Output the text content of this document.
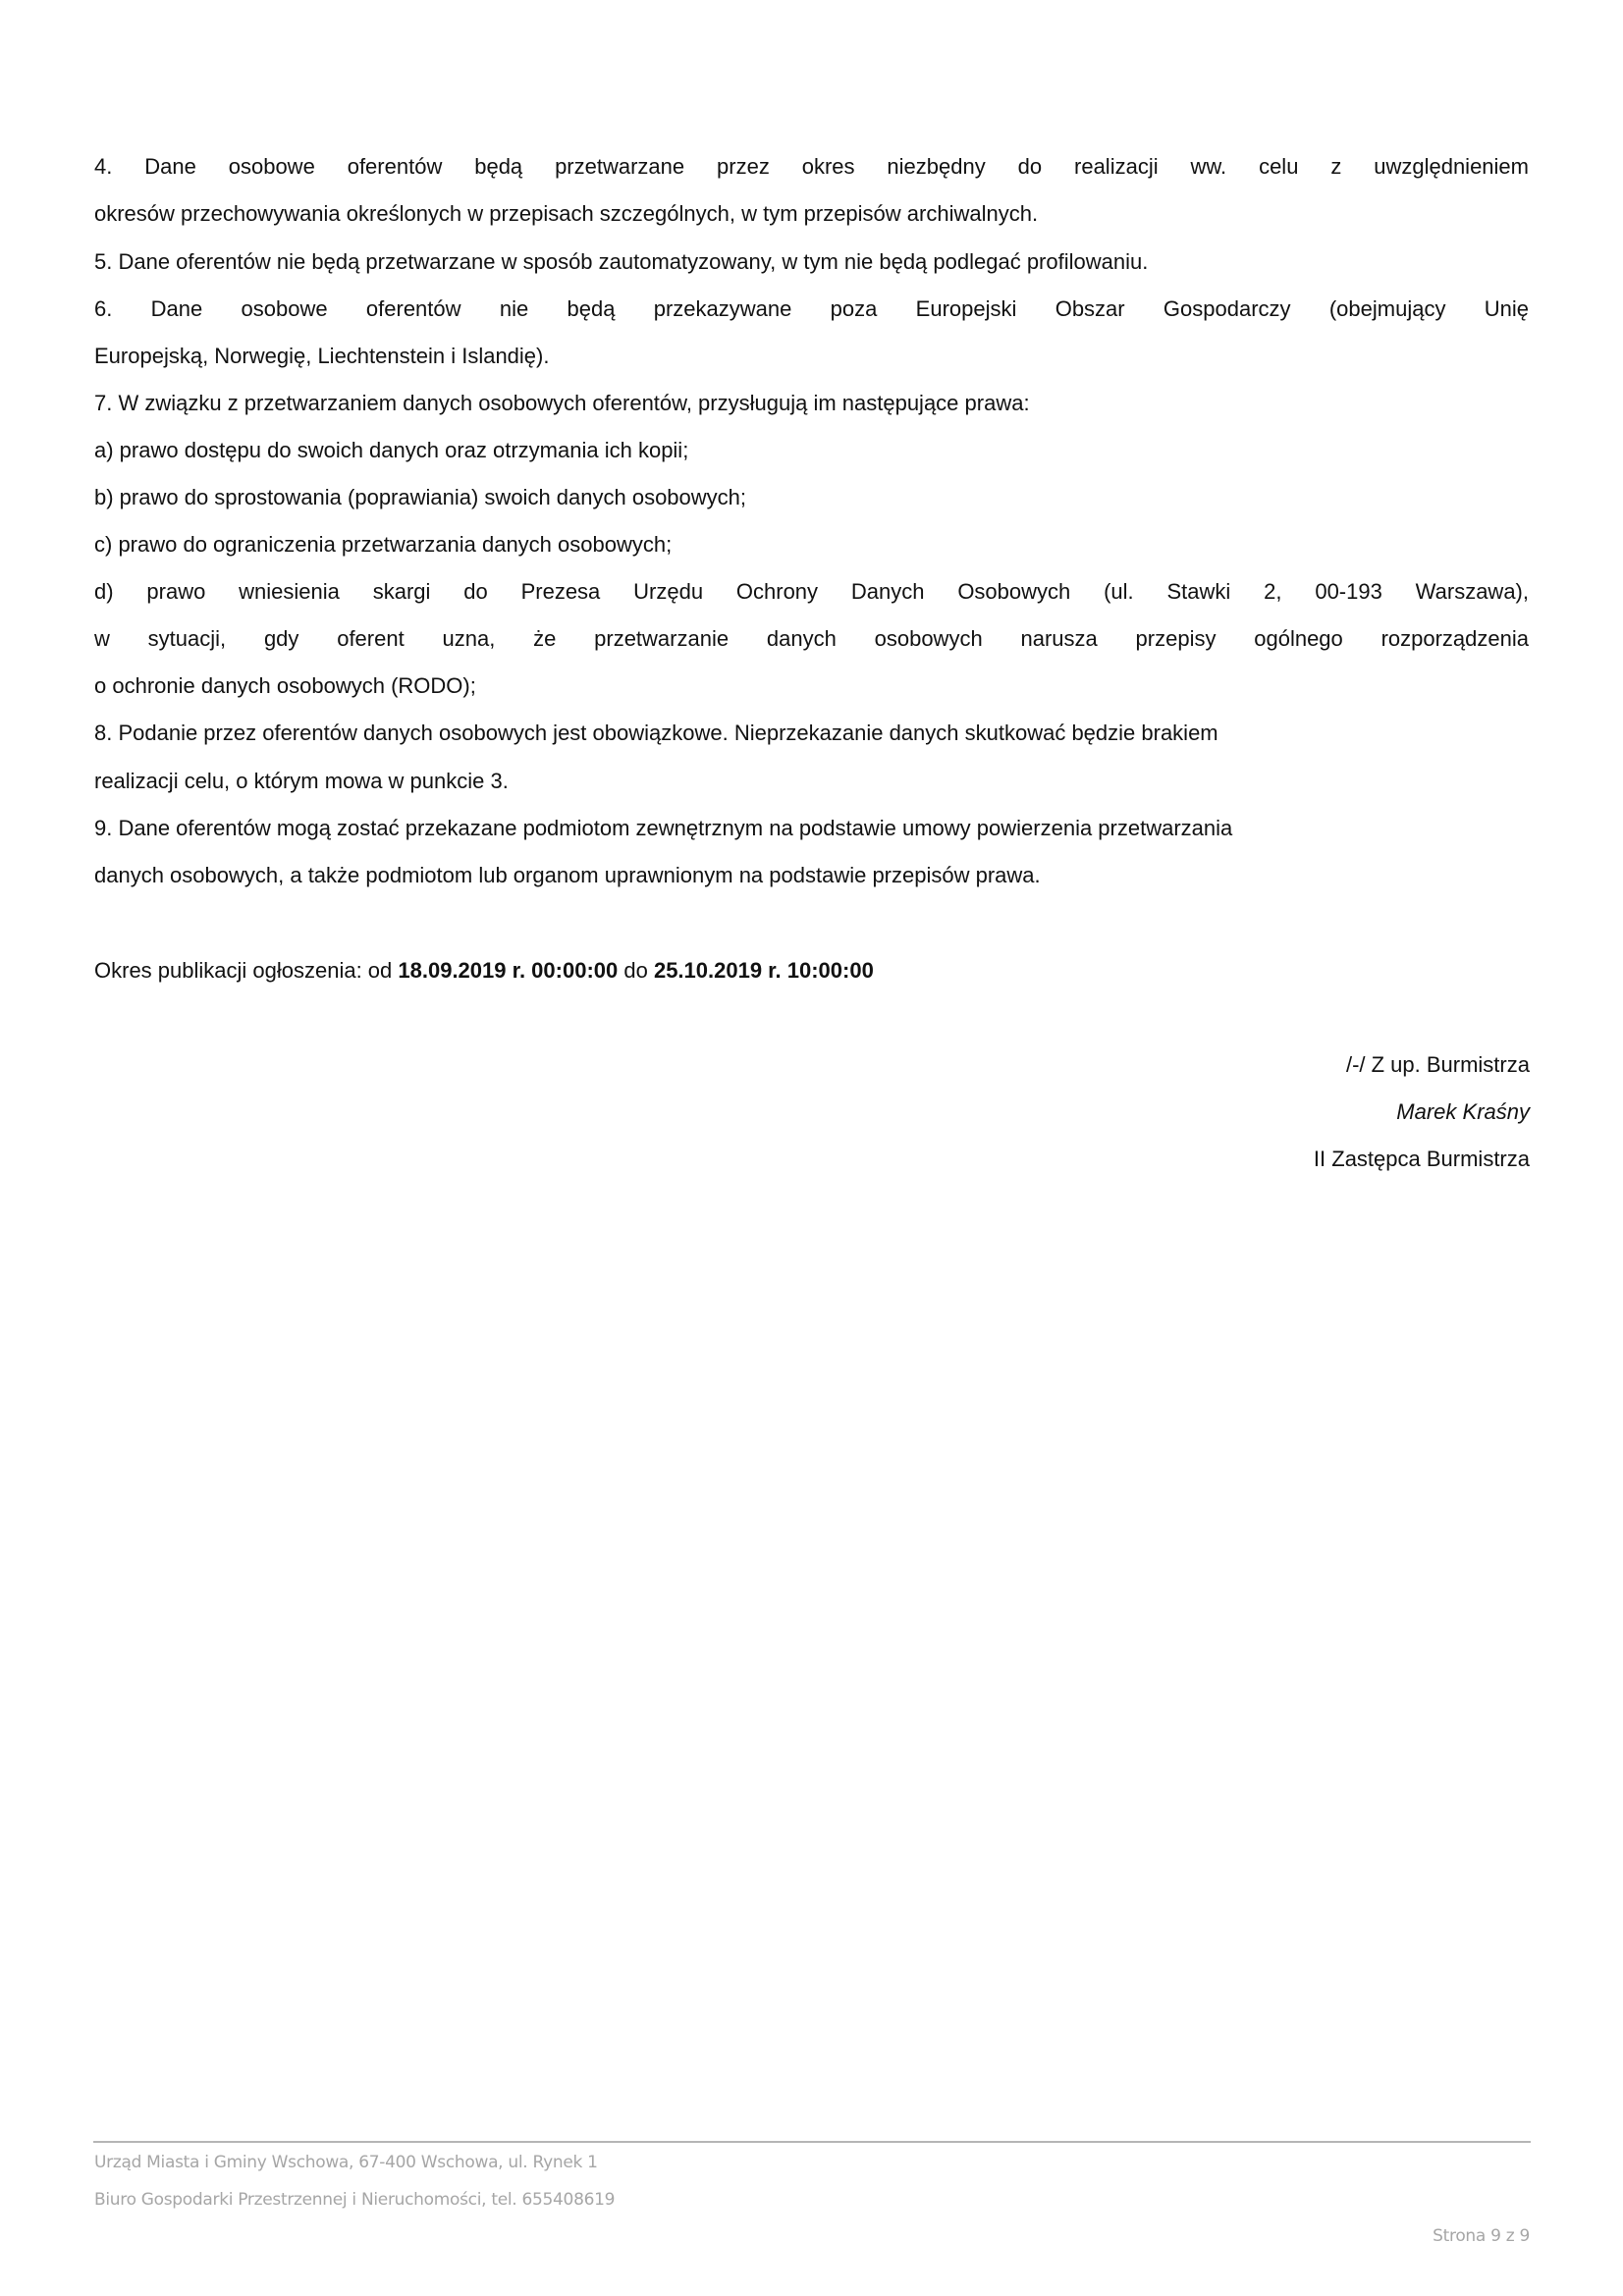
4. Dane osobowe oferentów będą przetwarzane przez okres niezbędny do realizacji ww. celu z uwzględnieniem
okresów przechowywania określonych w przepisach szczególnych, w tym przepisów archiwalnych.
5. Dane oferentów nie będą przetwarzane w sposób zautomatyzowany, w tym nie będą podlegać profilowaniu.
6. Dane osobowe oferentów nie będą przekazywane poza Europejski Obszar Gospodarczy (obejmujący Unię
Europejską, Norwegię, Liechtenstein i Islandię).
7. W związku z przetwarzaniem danych osobowych oferentów, przysługują im następujące prawa:
a) prawo dostępu do swoich danych oraz otrzymania ich kopii;
b) prawo do sprostowania (poprawiania) swoich danych osobowych;
c) prawo do ograniczenia przetwarzania danych osobowych;
d) prawo wniesienia skargi do Prezesa Urzędu Ochrony Danych Osobowych (ul. Stawki 2, 00-193 Warszawa),
w sytuacji, gdy oferent uzna, że przetwarzanie danych osobowych narusza przepisy ogólnego rozporządzenia
o ochronie danych osobowych (RODO);
8. Podanie przez oferentów danych osobowych jest obowiązkowe. Nieprzekazanie danych skutkować będzie brakiem
realizacji celu, o którym mowa w punkcie 3.
9. Dane oferentów mogą zostać przekazane podmiotom zewnętrznym na podstawie umowy powierzenia przetwarzania
danych osobowych, a także podmiotom lub organom uprawnionym na podstawie przepisów prawa.
Okres publikacji ogłoszenia: od 18.09.2019 r. 00:00:00 do 25.10.2019 r. 10:00:00
/-/ Z up. Burmistrza
Marek Kraśny
II Zastępca Burmistrza
Urząd Miasta i Gminy Wschowa, 67-400 Wschowa, ul. Rynek 1
Biuro Gospodarki Przestrzennej i Nieruchomości, tel. 655408619
Strona 9 z 9
